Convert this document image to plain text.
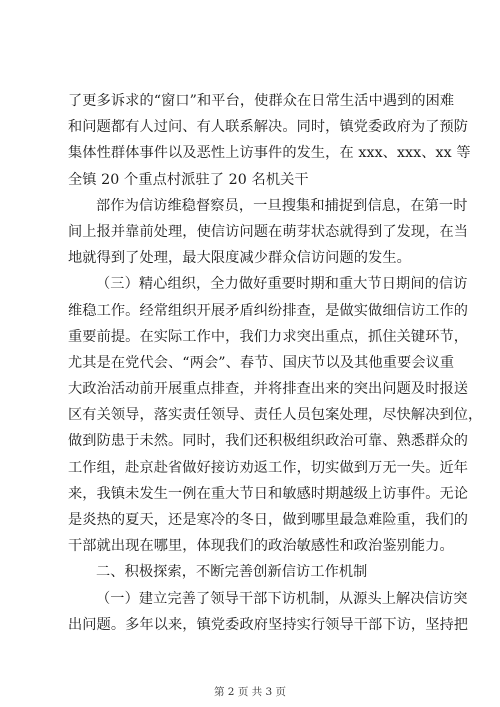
了更多诉求的“窗口”和平台，使群众在日常生活中遇到的困难
和问题都有人过问、有人联系解决。同时，镇党委政府为了预防
集体性群体事件以及恶性上访事件的发生，在 xxx、xxx、xx 等
全镇 20 个重点村派驻了 20 名机关干
部作为信访维稳督察员，一旦搜集和捕捉到信息，在第一时
间上报并靠前处理，使信访问题在萌芽状态就得到了发现，在当
地就得到了处理，最大限度减少群众信访问题的发生。
（三）精心组织，全力做好重要时期和重大节日期间的信访
维稳工作。经常组织开展矛盾纠纷排查，是做实做细信访工作的
重要前提。在实际工作中，我们力求突出重点，抓住关键环节，
尤其是在党代会、“两会”、春节、国庆节以及其他重要会议重
大政治活动前开展重点排查，并将排查出来的突出问题及时报送
区有关领导，落实责任领导、责任人员包案处理，尽快解决到位，
做到防患于未然。同时，我们还积极组织政治可靠、熟悉群众的
工作组，赴京赴省做好接访劝返工作，切实做到万无一失。近年
来，我镇未发生一例在重大节日和敏感时期越级上访事件。无论
是炎热的夏天，还是寒冷的冬日，做到哪里最急难险重，我们的
干部就出现在哪里，体现我们的政治敏感性和政治鉴别能力。
二、积极探索，不断完善创新信访工作机制
（一）建立完善了领导干部下访机制，从源头上解决信访突
出问题。多年以来，镇党委政府坚持实行领导干部下访，坚持把
第 2 页 共 3 页
